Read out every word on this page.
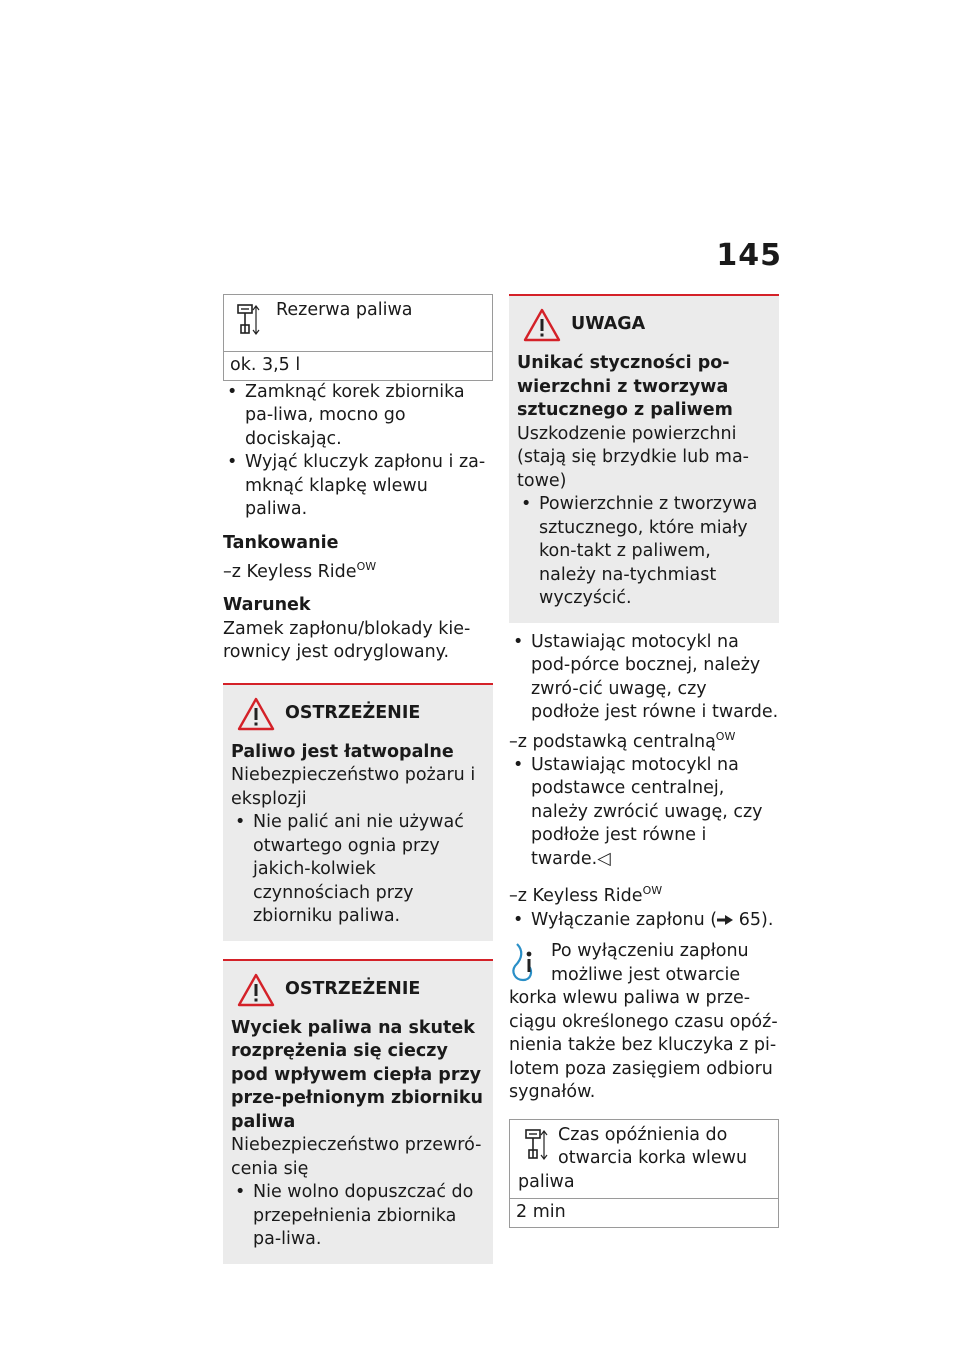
145
Rezerwa paliwa
ok. 3,5 l
• Zamknąć korek zbiornika pa-liwa, mocno go dociskając.
• Wyjąć kluczyk zapłonu i za-mknąć klapkę wlewu paliwa.
Tankowanie
–z Keyless Ride$^{OW}$
Warunek
Zamek zapłonu/blokady kie-rownicy jest odryglowany.
OSTRZEŻENIE
Paliwo jest łatwopalne
Niebezpieczeństwo pożaru i eksplozji
• Nie palić ani nie używać otwartego ognia przy jakich-kolwiek czynnościach przy zbiorniku paliwa.
OSTRZEŻENIE
Wyciek paliwa na skutek rozprężenia się cieczy pod wpływem ciepła przy prze-pełnionym zbiorniku paliwa
Niebezpieczeństwo przewró-cenia się
• Nie wolno dopuszczać do przepełnienia zbiornika pa-liwa.
UWAGA
Unikać styczności po-wierzchni z tworzywa sztucznego z paliwem
Uszkodzenie powierzchni (stają się brzydkie lub ma-towe)
• Powierzchnie z tworzywa sztucznego, które miały kon-takt z paliwem, należy na-tychmiast wyczyścić.
• Ustawiając motocykl na pod-pórce bocznej, należy zwró-cić uwagę, czy podłoże jest równe i twarde.
–z podstawką centralną$^{OW}$
• Ustawiając motocykl na podstawce centralnej, należy zwrócić uwagę, czy podłoże jest równe i twarde.◁
–z Keyless Ride$^{OW}$
• Wyłączanie zapłonu ( 65).
Po wyłączeniu zapłonu możliwe jest otwarcie korka wlewu paliwa w prze-ciągu określonego czasu opóź-nienia także bez kluczyka z pi-lotem poza zasięgiem odbioru sygnałów.
Czas opóźnienia do otwarcia korka wlewu paliwa
2 min
